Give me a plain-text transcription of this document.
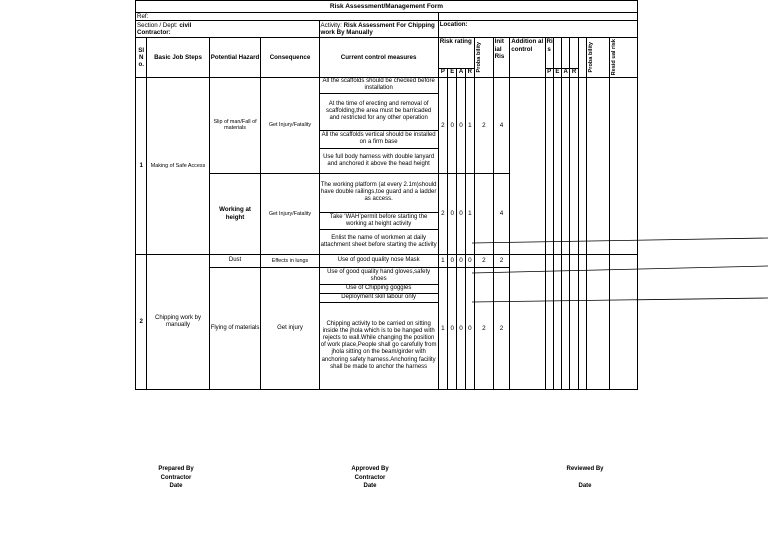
Risk Assessment/Management Form																		
Ref:																		
Section / Dept: civil
Contractor:				Activity: Risk Assessment For Chipping work By Manually	Location:													
Sl N o.	Basic Job Steps	Potential Hazard	Consequence	Current control measures	Risk rating				Proba bility	Init ial Ris	Addition al control	Ri s					Proba bility	Resid ual risk

					P	E	A	R				P	E	A	R			
1	Making of Safe Access	Slip of man/Fall of materials	Get Injury/Fatality	All the scaffolds should be checked before installation	2	0	0	1	2	4								
				At the time of erecting and removal of scaffolding,the area must be barricaded and restricted for any other operation														
				All the scaffolds vertical should be installed on a firm base														
				Use full body harness with double lanyard and anchored it above the head height														
		Working at height	Get Injury/Fatality	The working platform (at every 2.1m)should have double railings,toe guard and a ladder as access.	2	0	0	1		4								
				Take ‘WAH’permit before starting the working at height activity														
				Enlist the name of workmen at daily attachment sheet before starting the activity														
2	Chipping work by manually	Dust	Effects in lungs	Use of good quality nose Mask	1	0	0	0	2	2								
		Flying of materials	Get injury	Use of good quality hand gloves,safety shoes	1	0	0	0	2	2								
				Use of Chipping goggles														
				Deployment skill labour only														
				Chipping activity to be carried on sitting inside the jhola which is to be hanged with rejects to wall.While changing the position of work place,People shall go carefully from jhola sitting on the beam/girder with anchoring safety harness.Anchoring facility shall be made to anchor the harness														
Prepared By
Contractor
Date
Approved By
Contractor
Date
Reviewed By

Date
